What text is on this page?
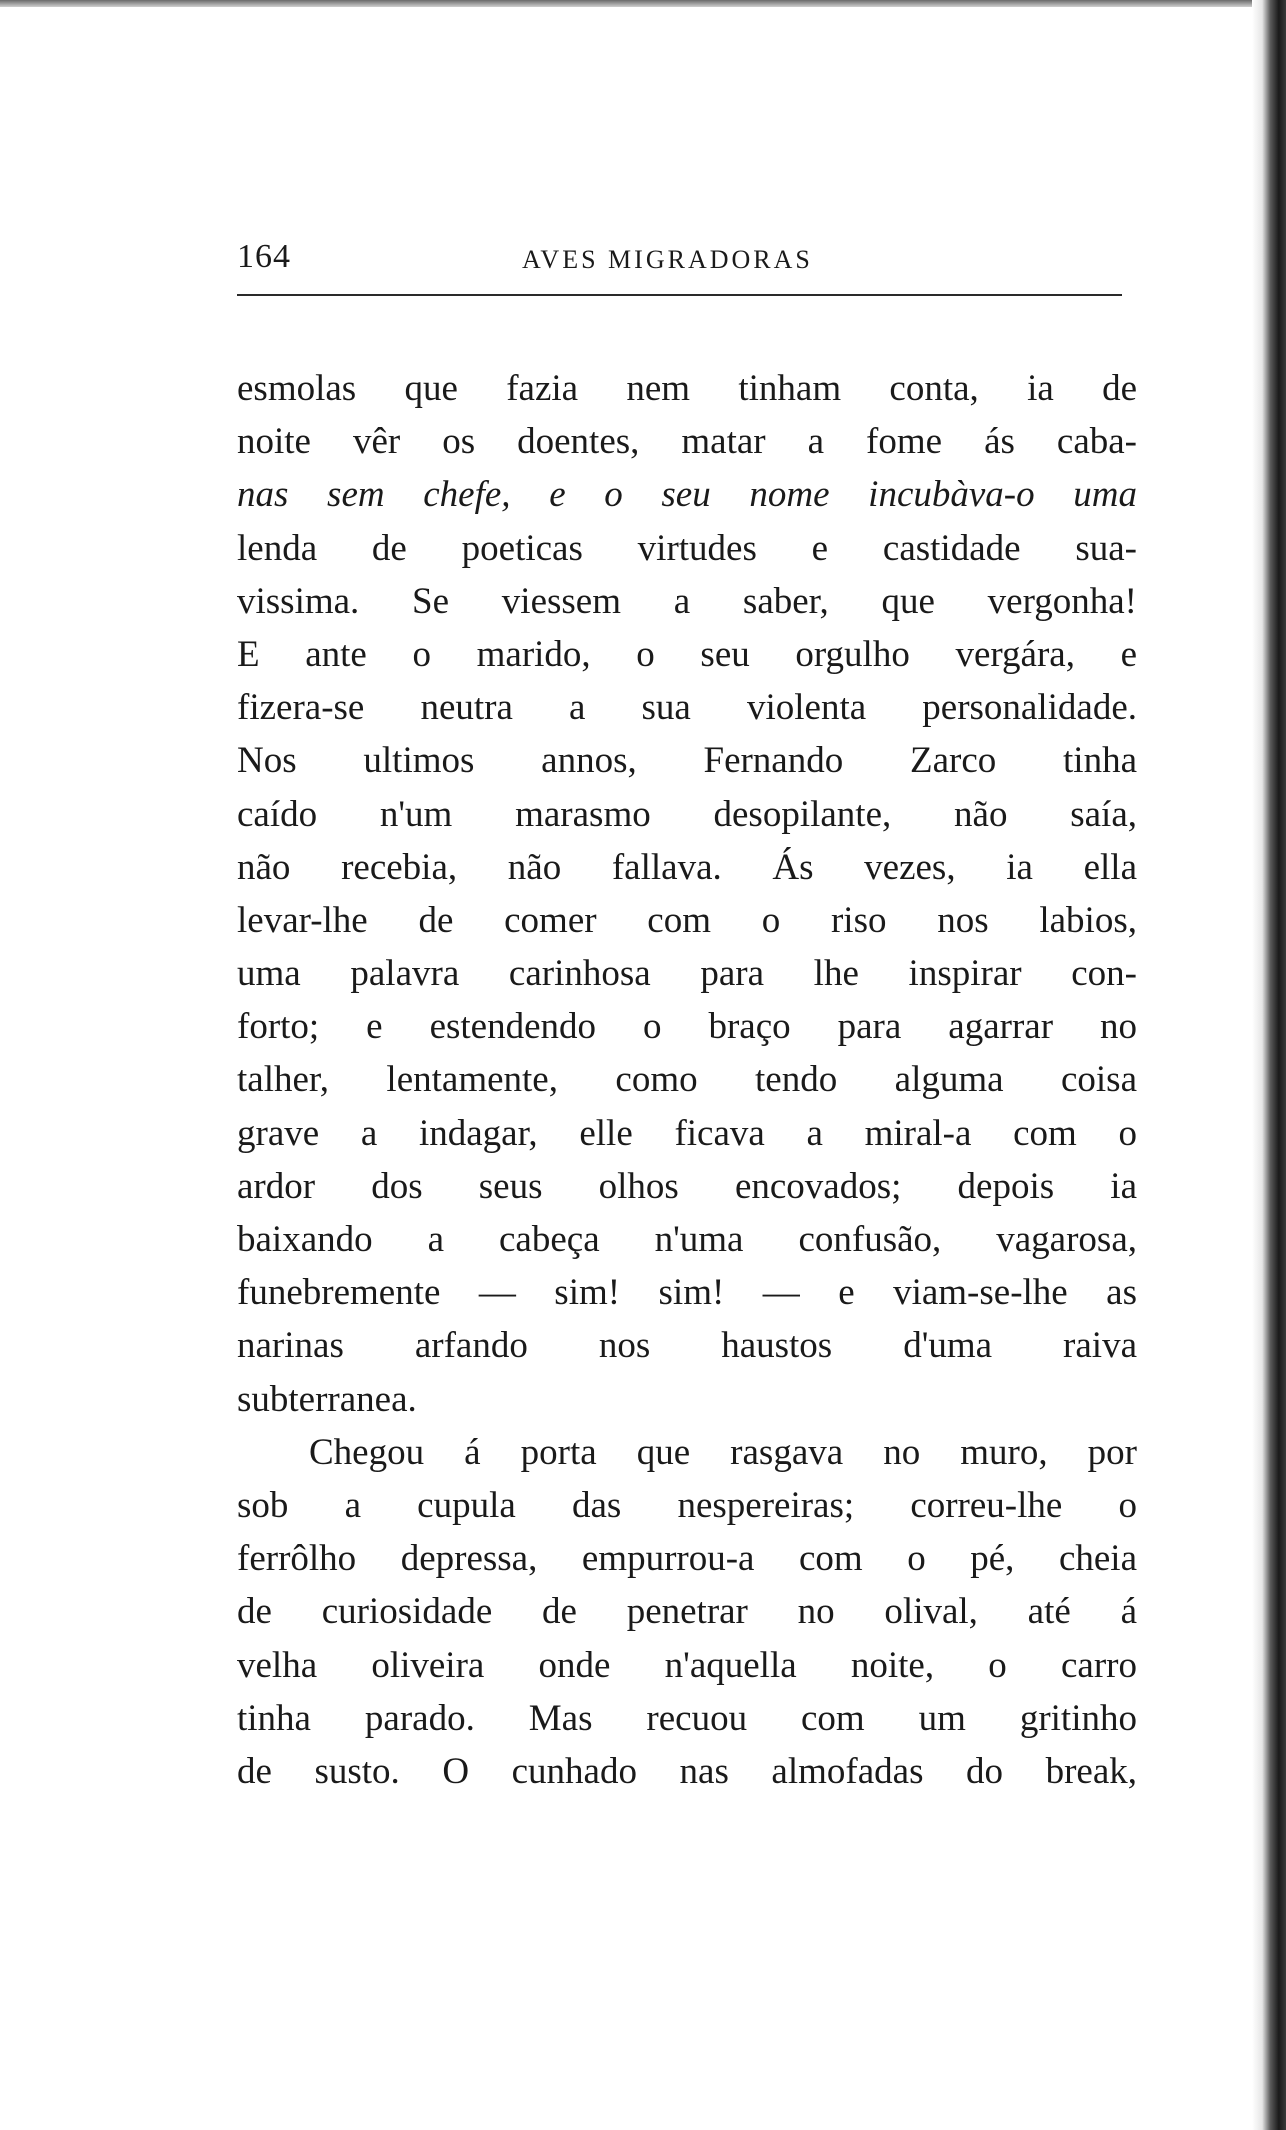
164	AVES MIGRADORAS
esmolas que fazia nem tinham conta, ia de
noite vêr os doentes, matar a fome ás caba-
nas sem chefe, e o seu nome incubàva-o uma
lenda de poeticas virtudes e castidade sua-
vissima. Se viessem a saber, que vergonha!
E ante o marido, o seu orgulho vergára, e
fizera-se neutra a sua violenta personalidade.
Nos ultimos annos, Fernando Zarco tinha
caído n'um marasmo desopilante, não saía,
não recebia, não fallava. Ás vezes, ia ella
levar-lhe de comer com o riso nos labios,
uma palavra carinhosa para lhe inspirar con-
forto; e estendendo o braço para agarrar no
talher, lentamente, como tendo alguma coisa
grave a indagar, elle ficava a miral-a com o
ardor dos seus olhos encovados; depois ia
baixando a cabeça n'uma confusão, vagarosa,
funebremente — sim! sim! — e viam-se-lhe as
narinas arfando nos haustos d'uma raiva
subterranea.
Chegou á porta que rasgava no muro, por
sob a cupula das nespereiras; correu-lhe o
ferrôlho depressa, empurrou-a com o pé, cheia
de curiosidade de penetrar no olival, até á
velha oliveira onde n'aquella noite, o carro
tinha parado. Mas recuou com um gritinho
de susto. O cunhado nas almofadas do break,
